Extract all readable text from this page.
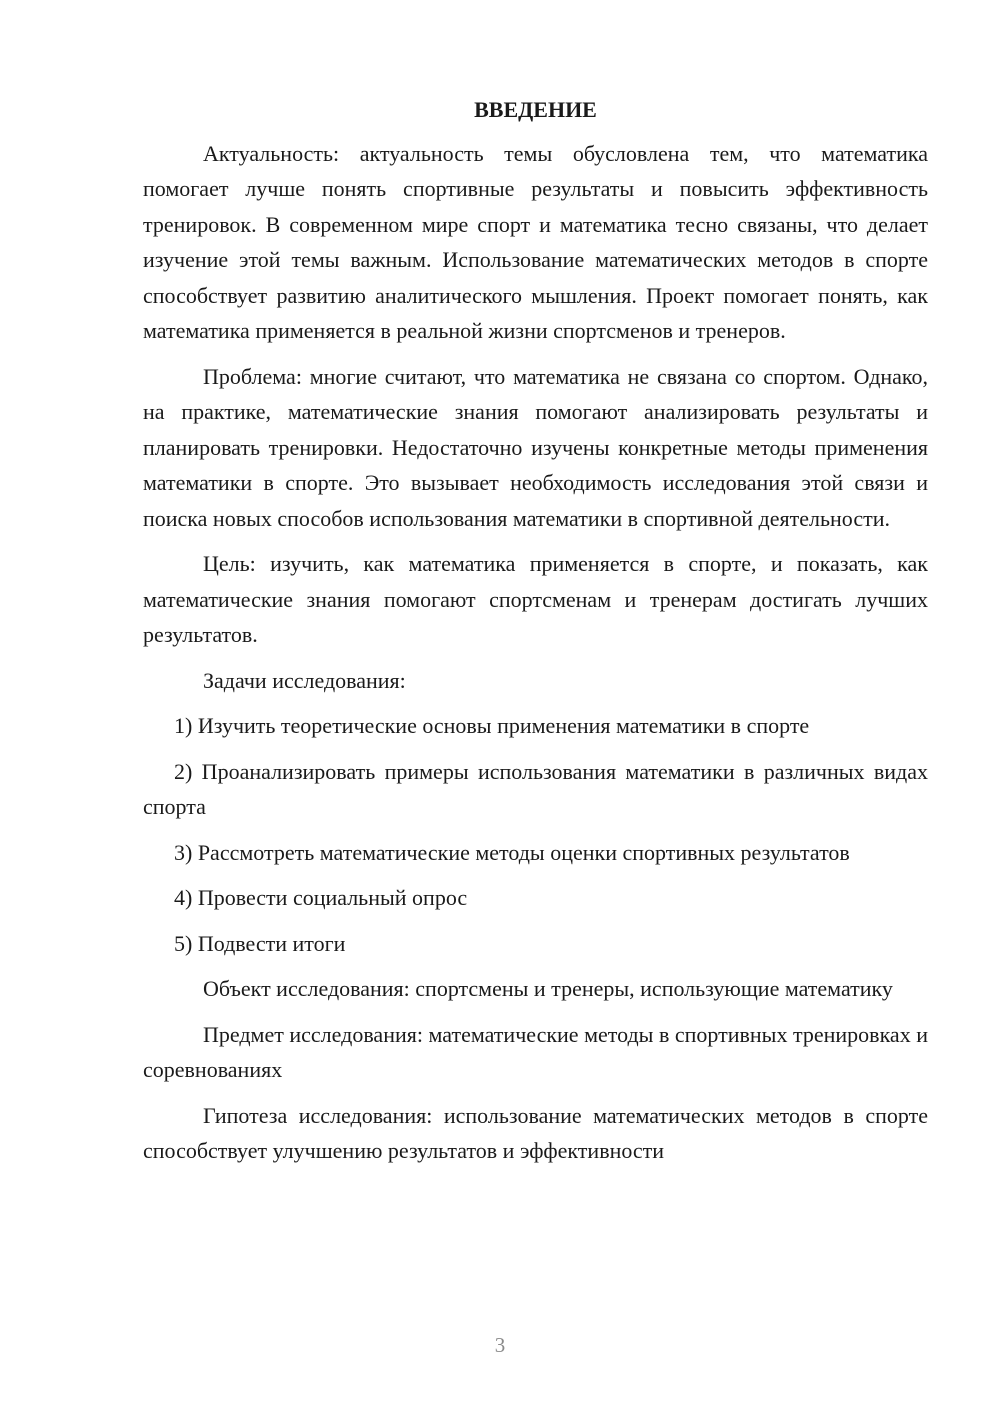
ВВЕДЕНИЕ

Актуальность: актуальность темы обусловлена тем, что математика помогает лучше понять спортивные результаты и повысить эффективность тренировок. В современном мире спорт и математика тесно связаны, что делает изучение этой темы важным. Использование математических методов в спорте способствует развитию аналитического мышления. Проект помогает понять, как математика применяется в реальной жизни спортсменов и тренеров.

Проблема: многие считают, что математика не связана со спортом. Однако, на практике, математические знания помогают анализировать результаты и планировать тренировки. Недостаточно изучены конкретные методы применения математики в спорте. Это вызывает необходимость исследования этой связи и поиска новых способов использования математики в спортивной деятельности.

Цель: изучить, как математика применяется в спорте, и показать, как математические знания помогают спортсменам и тренерам достигать лучших результатов.

Задачи исследования:

1) Изучить теоретические основы применения математики в спорте

2) Проанализировать примеры использования математики в различных видах спорта

3) Рассмотреть математические методы оценки спортивных результатов

4) Провести социальный опрос

5) Подвести итоги

Объект исследования: спортсмены и тренеры, использующие математику

Предмет исследования: математические методы в спортивных тренировках и соревнованиях

Гипотеза исследования: использование математических методов в спорте способствует улучшению результатов и эффективности

3
